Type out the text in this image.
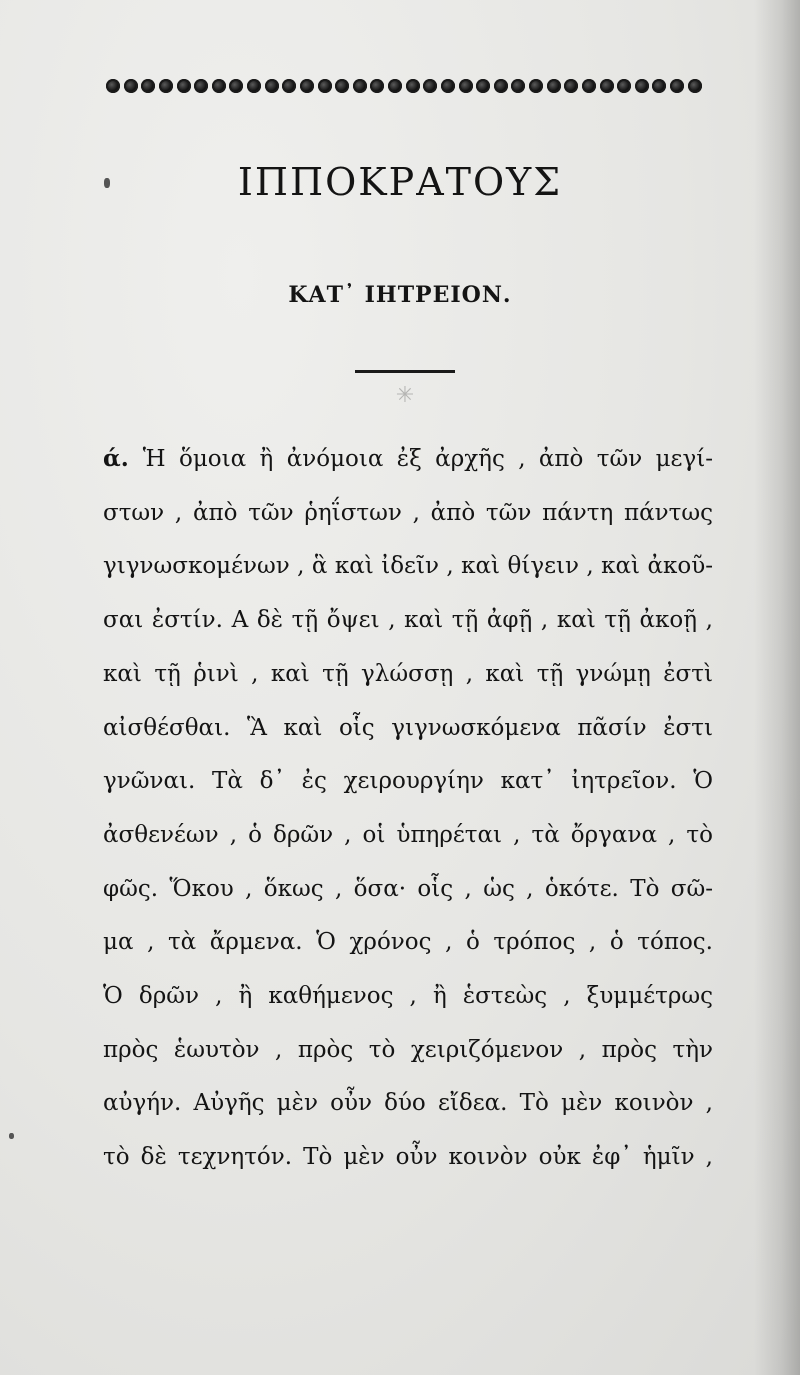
ΙΠΠΟΚΡΑΤΟΥΣ
ΚΑΤ᾽ ΙΗΤΡΕΙΟΝ.
✳
ά. Ἡ ὅμοια ἢ ἀνόμοια ἐξ ἀρχῆς , ἀπὸ τῶν μεγί-
στων , ἀπὸ τῶν ῥηΐστων , ἀπὸ τῶν πάντη πάντως
γιγνωσκομένων , ἃ καὶ ἰδεῖν , καὶ θίγειν , καὶ ἀκοῦ-
σαι ἐστίν. Α δὲ τῇ ὄψει , καὶ τῇ ἀφῇ , καὶ τῇ ἀκοῇ ,
καὶ τῇ ῥινὶ , καὶ τῇ γλώσσῃ , καὶ τῇ γνώμῃ ἐστὶ
αἰσθέσθαι. Ἃ καὶ οἷς γιγνωσκόμενα πᾶσίν ἐστι
γνῶναι. Τὰ δ᾽ ἐς χειρουργίην κατ᾽ ἰητρεῖον. Ὁ
ἀσθενέων , ὁ δρῶν , οἱ ὑπηρέται , τὰ ὄργανα , τὸ
φῶς. Ὅκου , ὅκως , ὅσα· οἷς , ὡς , ὁκότε. Τὸ σῶ-
μα , τὰ ἄρμενα. Ὁ χρόνος , ὁ τρόπος , ὁ τόπος.
Ὁ δρῶν , ἢ καθήμενος , ἢ ἑστεὼς , ξυμμέτρως
πρὸς ἑωυτὸν , πρὸς τὸ χειριζόμενον , πρὸς τὴν
αὐγήν. Αὐγῆς μὲν οὖν δύο εἴδεα. Τὸ μὲν κοινὸν ,
τὸ δὲ τεχνητόν. Τὸ μὲν οὖν κοινὸν οὐκ ἐφ᾽ ἡμῖν ,
